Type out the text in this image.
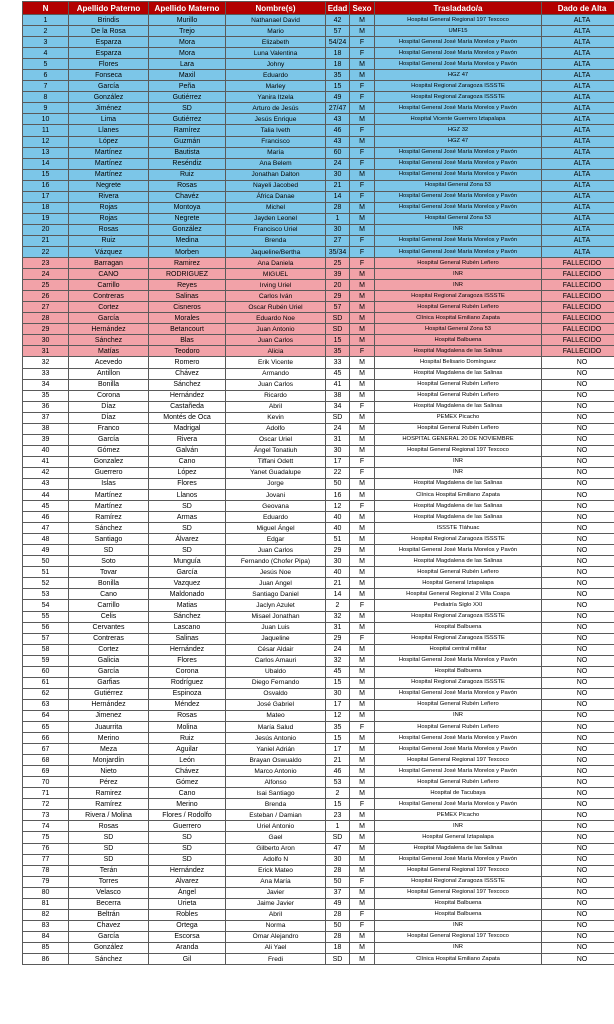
N	Apellido Paterno	Apellido Materno	Nombre(s)	Edad	Sexo	Trasladado/a	Dado de Alta
1	Brindis	Murillo	Nathanael David	42	M	Hospital General Regional 197 Texcoco	ALTA
2	De la Rosa	Trejo	Mario	57	M	UMF15	ALTA
3	Esparza	Mora	Elizabeth	54/24	F	Hospital General José María Morelos y Pavón	ALTA
4	Esparza	Mora	Luna Valentina	18	F	Hospital General José María Morelos y Pavón	ALTA
5	Flores	Lara	Johny	18	M	Hospital General José María Morelos y Pavón	ALTA
6	Fonseca	Maxil	Eduardo	35	M	HGZ 47	ALTA
7	García	Peña	Marley	15	F	Hospital Regional Zaragoza ISSSTE	ALTA
8	González	Gutiérrez	Yanira Itzela	49	F	Hospital Regional Zaragoza ISSSTE	ALTA
9	Jiménez	SD	Arturo de Jesús	27/47	M	Hospital General José María Morelos y Pavón	ALTA
10	Lima	Gutiérrez	Jesús Enrique	43	M	Hospital Vicente Guerrero Iztapalapa	ALTA
11	Llanes	Ramírez	Talia Iveth	46	F	HGZ 32	ALTA
12	López	Guzmán	Francisco	43	M	HGZ 47	ALTA
13	Martínez	Bautista	María	60	F	Hospital General José María Morelos y Pavón	ALTA
14	Martínez	Reséndiz	Ana Belem	24	F	Hospital General José María Morelos y Pavón	ALTA
15	Martínez	Ruiz	Jonathan Dalton	30	M	Hospital General José María Morelos y Pavón	ALTA
16	Negrete	Rosas	Nayeli Jacobed	21	F	Hospital General Zona 53	ALTA
17	Rivera	Chavéz	África Danae	14	F	Hospital General José María Morelos y Pavón	ALTA
18	Rojas	Montoya	Michel	28	M	Hospital General José María Morelos y Pavón	ALTA
19	Rojas	Negrete	Jayden Leonel	1	M	Hospital General Zona 53	ALTA
20	Rosas	González	Francisco Uriel	30	M	INR	ALTA
21	Ruiz	Medina	Brenda	27	F	Hospital General José María Morelos y Pavón	ALTA
22	Vázquez	Morben	Jaqueline/Bertha	35/34	F	Hospital General José María Morelos y Pavón	ALTA
23	Barragan	Ramirez	Ana Daniela	25	F	Hospital General Rubén Leñero	FALLECIDO
24	CANO	RODRIGUEZ	MIGUEL	39	M	INR	FALLECIDO
25	Carrillo	Reyes	Irving Uriel	20	M	INR	FALLECIDO
26	Contreras	Salinas	Carlos Iván	29	M	Hospital Regional Zaragoza ISSSTE	FALLECIDO
27	Cortez	Cisneros	Oscar Rubén Uriel	57	M	Hospital General Rubén Leñero	FALLECIDO
28	García	Morales	Eduardo Noe	SD	M	Clínica Hospital Emiliano Zapata	FALLECIDO
29	Hernández	Betancourt	Juan Antonio	SD	M	Hospital General Zona 53	FALLECIDO
30	Sánchez	Blas	Juan Carlos	15	M	Hospital Balbuena	FALLECIDO
31	Matías	Teodoro	Alicia	35	F	Hospital Magdalena de las Salinas	FALLECIDO
32	Acevedo	Romero	Erik Vicente	33	M	Hospital Belisario Domínguez	NO
33	Antillon	Chávez	Armando	45	M	Hospital Magdalena de las Salinas	NO
34	Bonilla	Sánchez	Juan Carlos	41	M	Hospital General Rubén Leñero	NO
35	Corona	Hernández	Ricardo	38	M	Hospital General Rubén Leñero	NO
36	Díaz	Castañeda	Abril	34	F	Hospital Magdalena de las Salinas	NO
37	Díaz	Montés de Oca	Kevin	SD	M	PEMEX Picacho	NO
38	Franco	Madrigal	Adolfo	24	M	Hospital General Rubén Leñero	NO
39	García	Rivera	Oscar Uriel	31	M	HOSPITAL GENERAL 20 DE NOVIEMBRE	NO
40	Gómez	Galván	Ángel Tonatiuh	30	M	Hospital General Regional 197 Texcoco	NO
41	Gonzalez	Cano	Tiffani Odett	17	F	INR	NO
42	Guerrero	López	Yanet Guadalupe	22	F	INR	NO
43	Islas	Flores	Jorge	50	M	Hospital Magdalena de las Salinas	NO
44	Martínez	Llanos	Jovani	16	M	Clínica Hospital Emiliano Zapata	NO
45	Martínez	SD	Geovana	12	F	Hospital Magdalena de las Salinas	NO
46	Ramírez	Armas	Eduardo	40	M	Hospital Magdalena de las Salinas	NO
47	Sánchez	SD	Miguel Ángel	40	M	ISSSTE Tláhuac	NO
48	Santiago	Álvarez	Edgar	51	M	Hospital Regional Zaragoza ISSSTE	NO
49	SD	SD	Juan Carlos	29	M	Hospital General José María Morelos y Pavón	NO
50	Soto	Munguía	Fernando (Chofer Pipa)	30	M	Hospital Magdalena de las Salinas	NO
51	Tovar	García	Jesús Noe	40	M	Hospital General Rubén Leñero	NO
52	Bonilla	Vazquez	Juan Angel	21	M	Hospital General Iztapalapa	NO
53	Cano	Maldonado	Santiago Daniel	14	M	Hospital General Regional 2 Villa Coapa	NO
54	Carrillo	Matias	Jaclyn Azulet	2	F	Pediatría Siglo XXI	NO
55	Celis	Sánchez	Misael Jonathan	32	M	Hospital Regional Zaragoza ISSSTE	NO
56	Cervantes	Lascano	Juan Luis	31	M	Hospital Balbuena	NO
57	Contreras	Salinas	Jaqueline	29	F	Hospital Regional Zaragoza ISSSTE	NO
58	Cortez	Hernández	César Aldair	24	M	Hospital central militar	NO
59	Galicia	Flores	Carlos Amauri	32	M	Hospital General José María Morelos y Pavón	NO
60	García	Corona	Ubaldo	45	M	Hospital Balbuena	NO
61	Garfias	Rodríguez	Diego Fernando	15	M	Hospital Regional Zaragoza ISSSTE	NO
62	Gutiérrez	Espinoza	Osvaldo	30	M	Hospital General José María Morelos y Pavón	NO
63	Hernández	Méndez	José Gabriel	17	M	Hospital General Rubén Leñero	NO
64	Jimenez	Rosas	Mateo	12	M	INR	NO
65	Juaurrita	Molina	María Salud	35	F	Hospital General Rubén Leñero	NO
66	Merino	Ruiz	Jesús Antonio	15	M	Hospital General José María Morelos y Pavón	NO
67	Meza	Aguilar	Yaniel Adrián	17	M	Hospital General José María Morelos y Pavón	NO
68	Monjardín	León	Brayan Oswualdo	21	M	Hospital General Regional 197 Texcoco	NO
69	Nieto	Chávez	Marco Antonio	46	M	Hospital General José María Morelos y Pavón	NO
70	Pérez	Gómez	Alfonso	53	M	Hospital General Rubén Leñero	NO
71	Ramirez	Cano	Isai Santiago	2	M	Hospital de Tacubaya	NO
72	Ramírez	Merino	Brenda	15	F	Hospital General José María Morelos y Pavón	NO
73	Rivera / Molina	Flores / Rodolfo	Esteban / Damian	23	M	PEMEX Picacho	NO
74	Rosas	Guerrero	Uriel Antonio	1	M	INR	NO
75	SD	SD	Gael	SD	M	Hospital General Iztapalapa	NO
76	SD	SD	Gilberto Aron	47	M	Hospital Magdalena de las Salinas	NO
77	SD	SD	Adolfo N	30	M	Hospital General José María Morelos y Pavón	NO
78	Terán	Hernández	Erick Mateo	28	M	Hospital General Regional 197 Texcoco	NO
79	Torres	Alvarez	Ana María	50	F	Hospital Regional Zaragoza ISSSTE	NO
80	Velasco	Ángel	Javier	37	M	Hospital General Regional 197 Texcoco	NO
81	Becerra	Urieta	Jaime Javier	49	M	Hospital Balbuena	NO
82	Beltrán	Robles	Abril	28	F	Hospital Balbuena	NO
83	Chavez	Ortega	Norma	50	F	INR	NO
84	García	Escorsa	Omar Alejandro	28	M	Hospital General Regional 197 Texcoco	NO
85	González	Aranda	Ali Yael	18	M	INR	NO
86	Sánchez	Gil	Fredi	SD	M	Clínica Hospital Emiliano Zapata	NO
